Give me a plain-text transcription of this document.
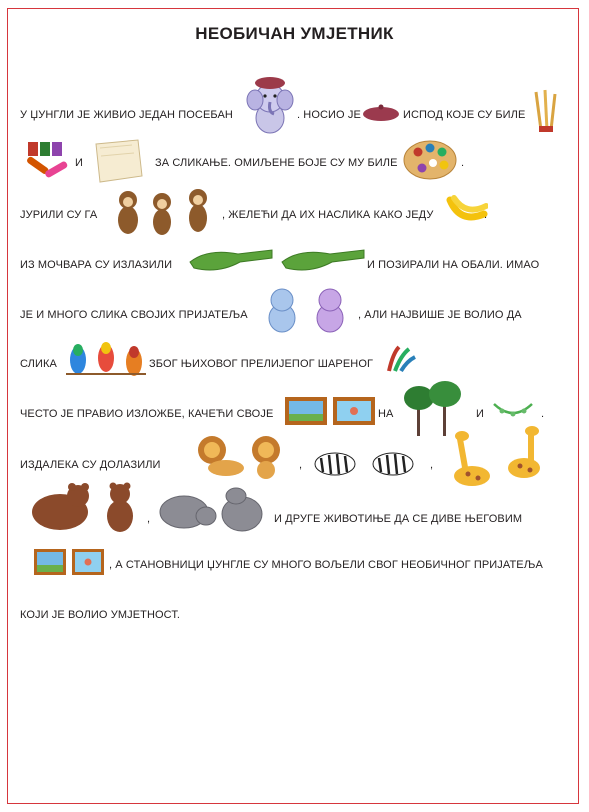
НЕОБИЧАН УМЈЕТНИК
У ЏУНГЛИ ЈЕ ЖИВИО ЈЕДАН ПОСЕБАН	. НОСИО ЈЕ	ИСПОД КОЈЕ СУ БИЛЕ
И	ЗА СЛИКАЊЕ. ОМИЉЕНЕ БОЈЕ СУ МУ БИЛЕ	.
ЈУРИЛИ СУ ГА	, ЖЕЛЕЋИ ДА ИХ НАСЛИКА КАКО ЈЕДУ	.
ИЗ МОЧВАРА СУ ИЗЛАЗИЛИ	И ПОЗИРАЛИ НА ОБАЛИ. ИМАО
ЈЕ И МНОГО СЛИКА СВОЈИХ ПРИЈАТЕЉА	, АЛИ НАЈВИШЕ ЈЕ ВОЛИО ДА
СЛИКА	ЗБОГ ЊИХОВОГ ПРЕЛИЈЕПОГ ШАРЕНОГ
ЧЕСТО ЈЕ ПРАВИО ИЗЛОЖБЕ, КАЧЕЋИ СВОЈЕ	НА	И	.
ИЗДАЛЕКА СУ ДОЛАЗИЛИ	,	,
,	И ДРУГЕ ЖИВОТИЊЕ ДА СЕ ДИВЕ ЊЕГОВИМ
, А СТАНОВНИЦИ ЏУНГЛЕ СУ МНОГО ВОЉЕЛИ СВОГ НЕОБИЧНОГ ПРИЈАТЕЉА
КОЈИ ЈЕ ВОЛИО УМЈЕТНОСТ.
